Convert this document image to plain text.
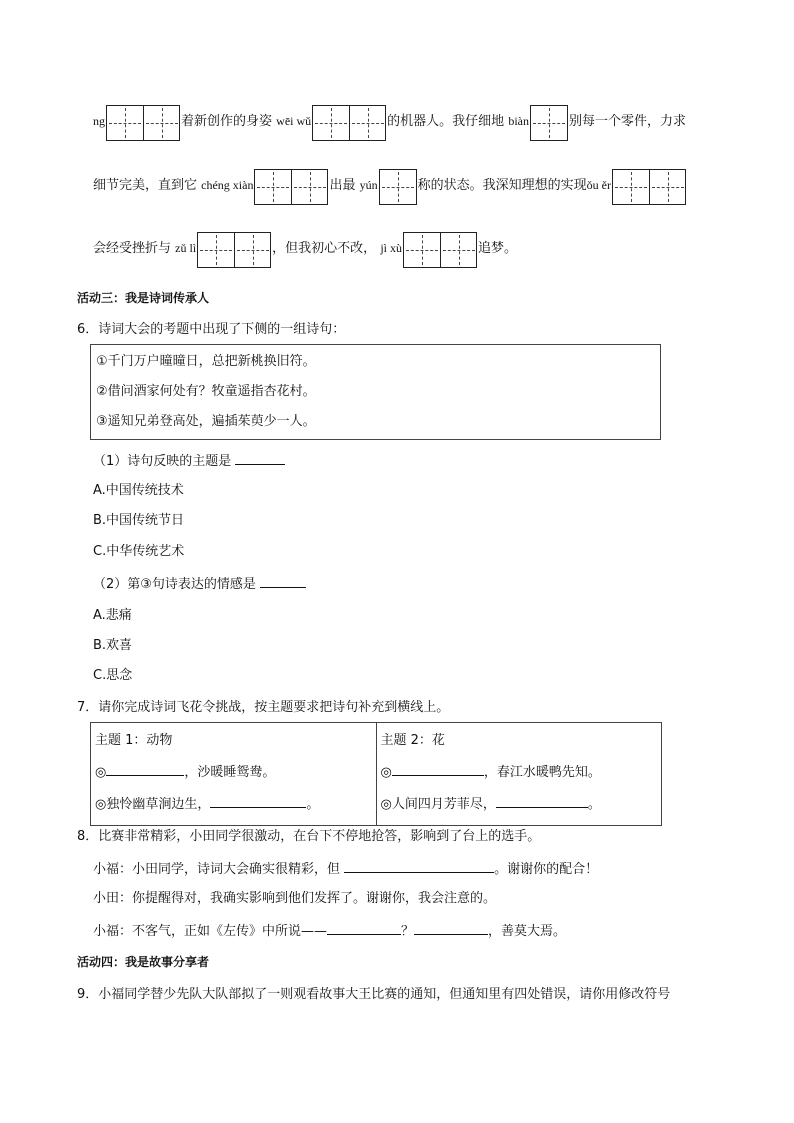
ng	着新创作的身姿 wēi wǔ	的机器人。我仔细地 biàn	别每一个零件，力求
细节完美，直到它 chéng xiàn	出最 yún	称的状态。我深知理想的实现ǒu ěr
会经受挫折与 zǔ lì	，但我初心不改， jì xù	追梦。
活动三：我是诗词传承人
6．诗词大会的考题中出现了下侧的一组诗句：
①千门万户曈曈日，总把新桃换旧符。
②借问酒家何处有？牧童遥指杏花村。
③遥知兄弟登高处，遍插茱萸少一人。
（1）诗句反映的主题是
A.中国传统技术
B.中国传统节日
C.中华传统艺术
（2）第③句诗表达的情感是
A.悲痛
B.欢喜
C.思念
7．请你完成诗词飞花令挑战，按主题要求把诗句补充到横线上。
主题 1：动物
◎	，沙暖睡鸳鸯。
◎独怜幽草涧边生，	。

主题 2：花
◎	，春江水暖鸭先知。
◎人间四月芳菲尽，	。
8．比赛非常精彩，小田同学很激动，在台下不停地抢答，影响到了台上的选手。
小福：小田同学，诗词大会确实很精彩，但	。谢谢你的配合！
小田：你提醒得对，我确实影响到他们发挥了。谢谢你，我会注意的。
小福：不客气，正如《左传》中所说——	？	，善莫大焉。
活动四：我是故事分享者
9．小福同学替少先队大队部拟了一则观看故事大王比赛的通知，但通知里有四处错误，请你用修改符号
